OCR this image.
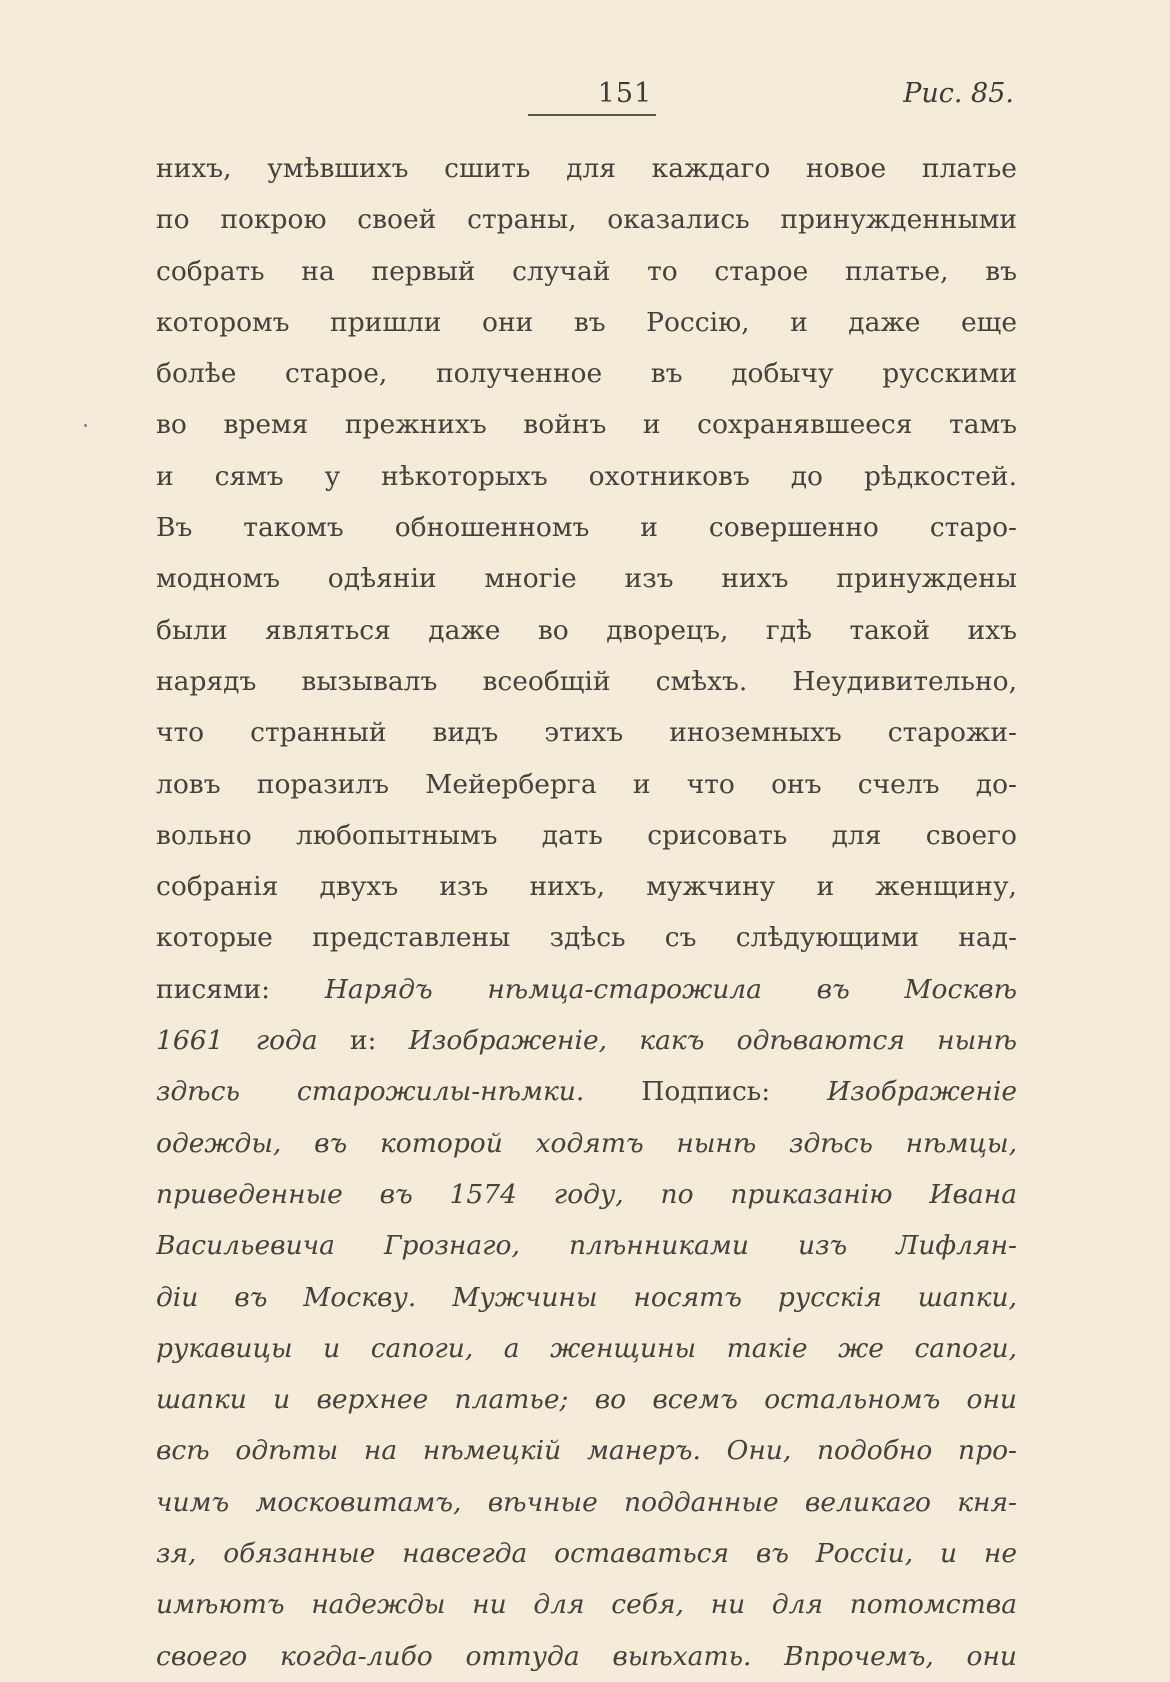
151	Рис. 85.
нихъ, умѣвшихъ сшить для каждаго новое платье
по покрою своей страны, оказались принужденными
собрать на первый случай то старое платье, въ
которомъ пришли они въ Россію, и даже еще
болѣе старое, полученное въ добычу русскими
во время прежнихъ войнъ и сохранявшееся тамъ
и сямъ у нѣкоторыхъ охотниковъ до рѣдкостей.
Въ такомъ обношенномъ и совершенно старо-
модномъ одѣяніи многіе изъ нихъ принуждены
были являться даже во дворецъ, гдѣ такой ихъ
нарядъ вызывалъ всеобщій смѣхъ. Неудивительно,
что странный видъ этихъ иноземныхъ старожи-
ловъ поразилъ Мейерберга и что онъ счелъ до-
вольно любопытнымъ дать срисовать для своего
собранія двухъ изъ нихъ, мужчину и женщину,
которые представлены здѣсь съ слѣдующими над-
писями: Нарядъ нѣмца-старожила въ Москвѣ
1661 года и: Изображеніе, какъ одѣваются нынѣ
здѣсь старожилы-нѣмки. Подпись: Изображеніе
одежды, въ которой ходятъ нынѣ здѣсь нѣмцы,
приведенные въ 1574 году, по приказанію Ивана
Васильевича Грознаго, плѣнниками изъ Лифлян-
діи въ Москву. Мужчины носятъ русскія шапки,
рукавицы и сапоги, а женщины такіе же сапоги,
шапки и верхнее платье; во всемъ остальномъ они
всѣ одѣты на нѣмецкій манеръ. Они, подобно про-
чимъ московитамъ, вѣчные подданные великаго кня-
зя, обязанные навсегда оставаться въ Россіи, и не
имѣютъ надежды ни для себя, ни для потомства
своего когда-либо оттуда выѣхать. Впрочемъ, они
